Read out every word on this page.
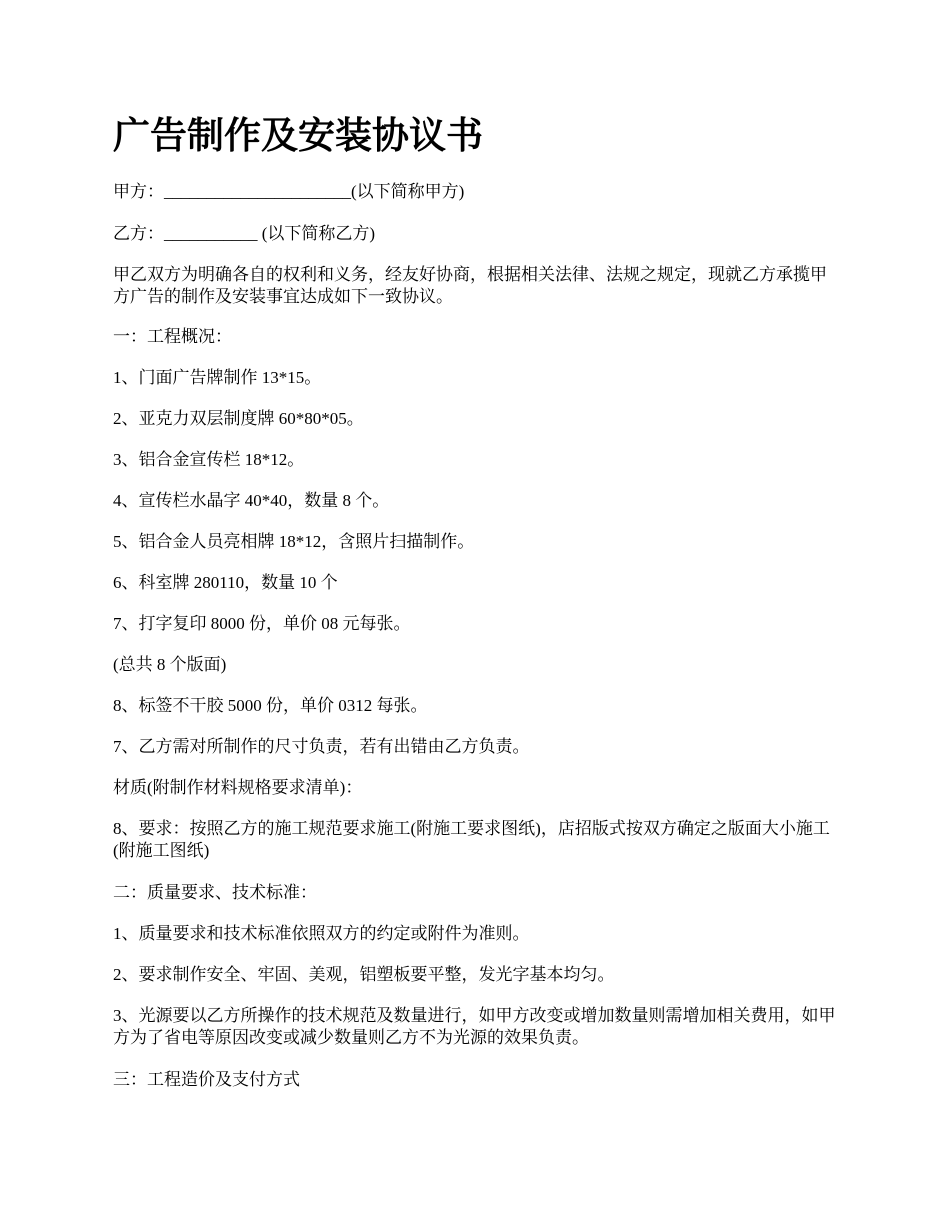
广告制作及安装协议书

甲方：______________________(以下简称甲方)

乙方：___________ (以下简称乙方)

甲乙双方为明确各自的权利和义务，经友好协商，根据相关法律、法规之规定，现就乙方承揽甲方广告的制作及安装事宜达成如下一致协议。

一：工程概况：

1、门面广告牌制作 13*15。

2、亚克力双层制度牌 60*80*05。

3、铝合金宣传栏 18*12。

4、宣传栏水晶字 40*40，数量 8 个。

5、铝合金人员亮相牌 18*12，含照片扫描制作。

6、科室牌 280110，数量 10 个

7、打字复印 8000 份，单价 08 元每张。

(总共 8 个版面)

8、标签不干胶 5000 份，单价 0312 每张。

7、乙方需对所制作的尺寸负责，若有出错由乙方负责。

材质(附制作材料规格要求清单)：

8、要求：按照乙方的施工规范要求施工(附施工要求图纸)，店招版式按双方确定之版面大小施工(附施工图纸)

二：质量要求、技术标准：

1、质量要求和技术标准依照双方的约定或附件为准则。

2、要求制作安全、牢固、美观，铝塑板要平整，发光字基本均匀。

3、光源要以乙方所操作的技术规范及数量进行，如甲方改变或增加数量则需增加相关费用，如甲方为了省电等原因改变或减少数量则乙方不为光源的效果负责。

三：工程造价及支付方式
